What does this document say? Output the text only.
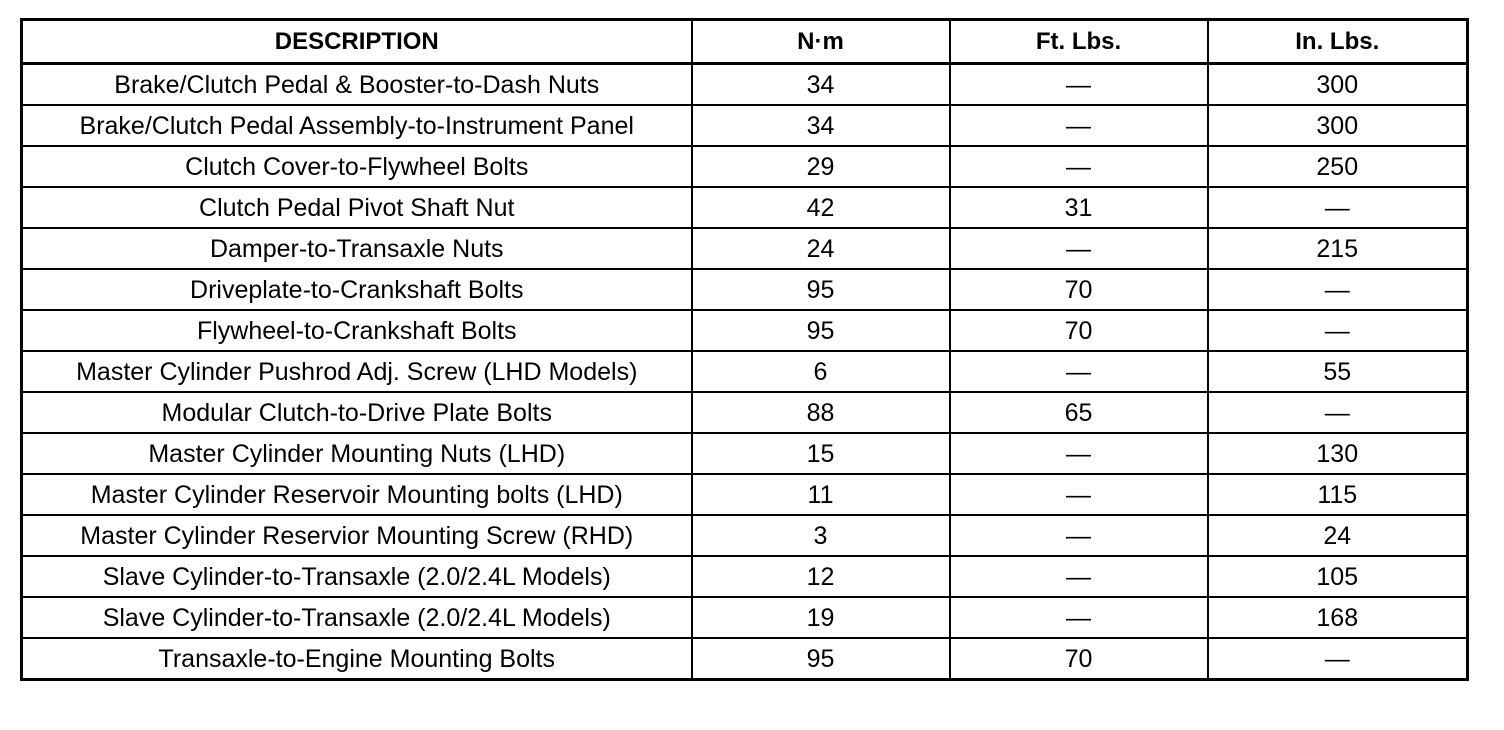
DESCRIPTION	N·m	Ft. Lbs.	In. Lbs.
Brake/Clutch Pedal & Booster-to-Dash Nuts	34	—	300
Brake/Clutch Pedal Assembly-to-Instrument Panel	34	—	300
Clutch Cover-to-Flywheel Bolts	29	—	250
Clutch Pedal Pivot Shaft Nut	42	31	—
Damper-to-Transaxle Nuts	24	—	215
Driveplate-to-Crankshaft Bolts	95	70	—
Flywheel-to-Crankshaft Bolts	95	70	—
Master Cylinder Pushrod Adj. Screw (LHD Models)	6	—	55
Modular Clutch-to-Drive Plate Bolts	88	65	—
Master Cylinder Mounting Nuts (LHD)	15	—	130
Master Cylinder Reservoir Mounting bolts (LHD)	11	—	115
Master Cylinder Reservior Mounting Screw (RHD)	3	—	24
Slave Cylinder-to-Transaxle (2.0/2.4L Models)	12	—	105
Slave Cylinder-to-Transaxle (2.0/2.4L Models)	19	—	168
Transaxle-to-Engine Mounting Bolts	95	70	—
